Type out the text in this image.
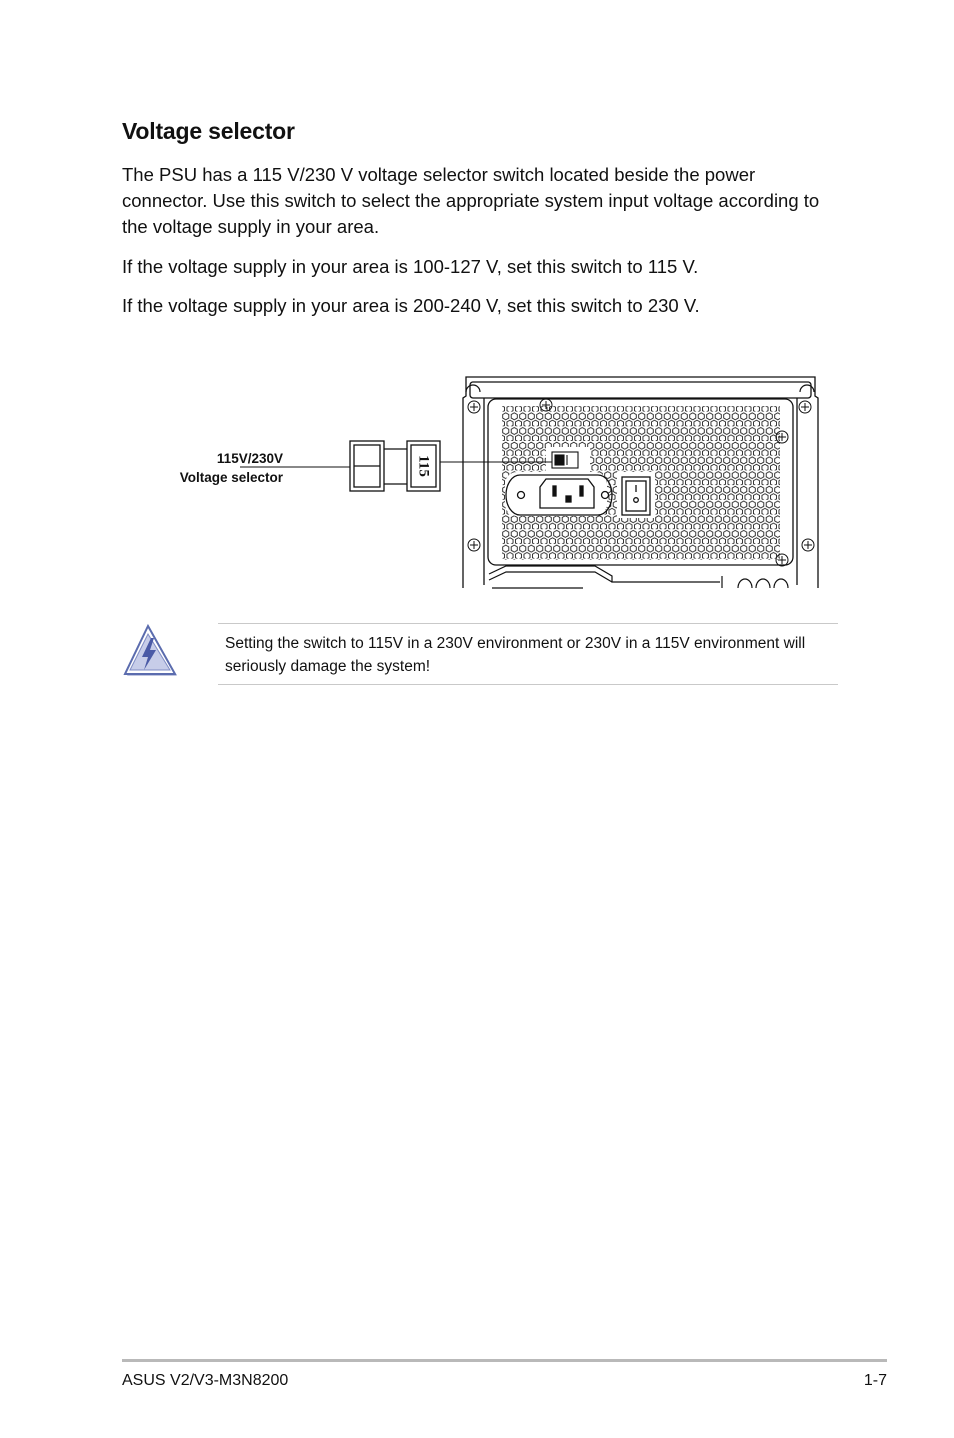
Voltage selector

The PSU has a 115 V/230 V voltage selector switch located beside the power connector. Use this switch to select the appropriate system input voltage according to the voltage supply in your area.

If the voltage supply in your area is 100-127 V, set this switch to 115 V.

If the voltage supply in your area is 200-240 V, set this switch to 230 V.

115
115V/230V
Voltage selector
Setting the switch to 115V in a 230V environment or 230V in a 115V environment will seriously damage the system!
ASUS V2/V3-M3N8200	1-7
